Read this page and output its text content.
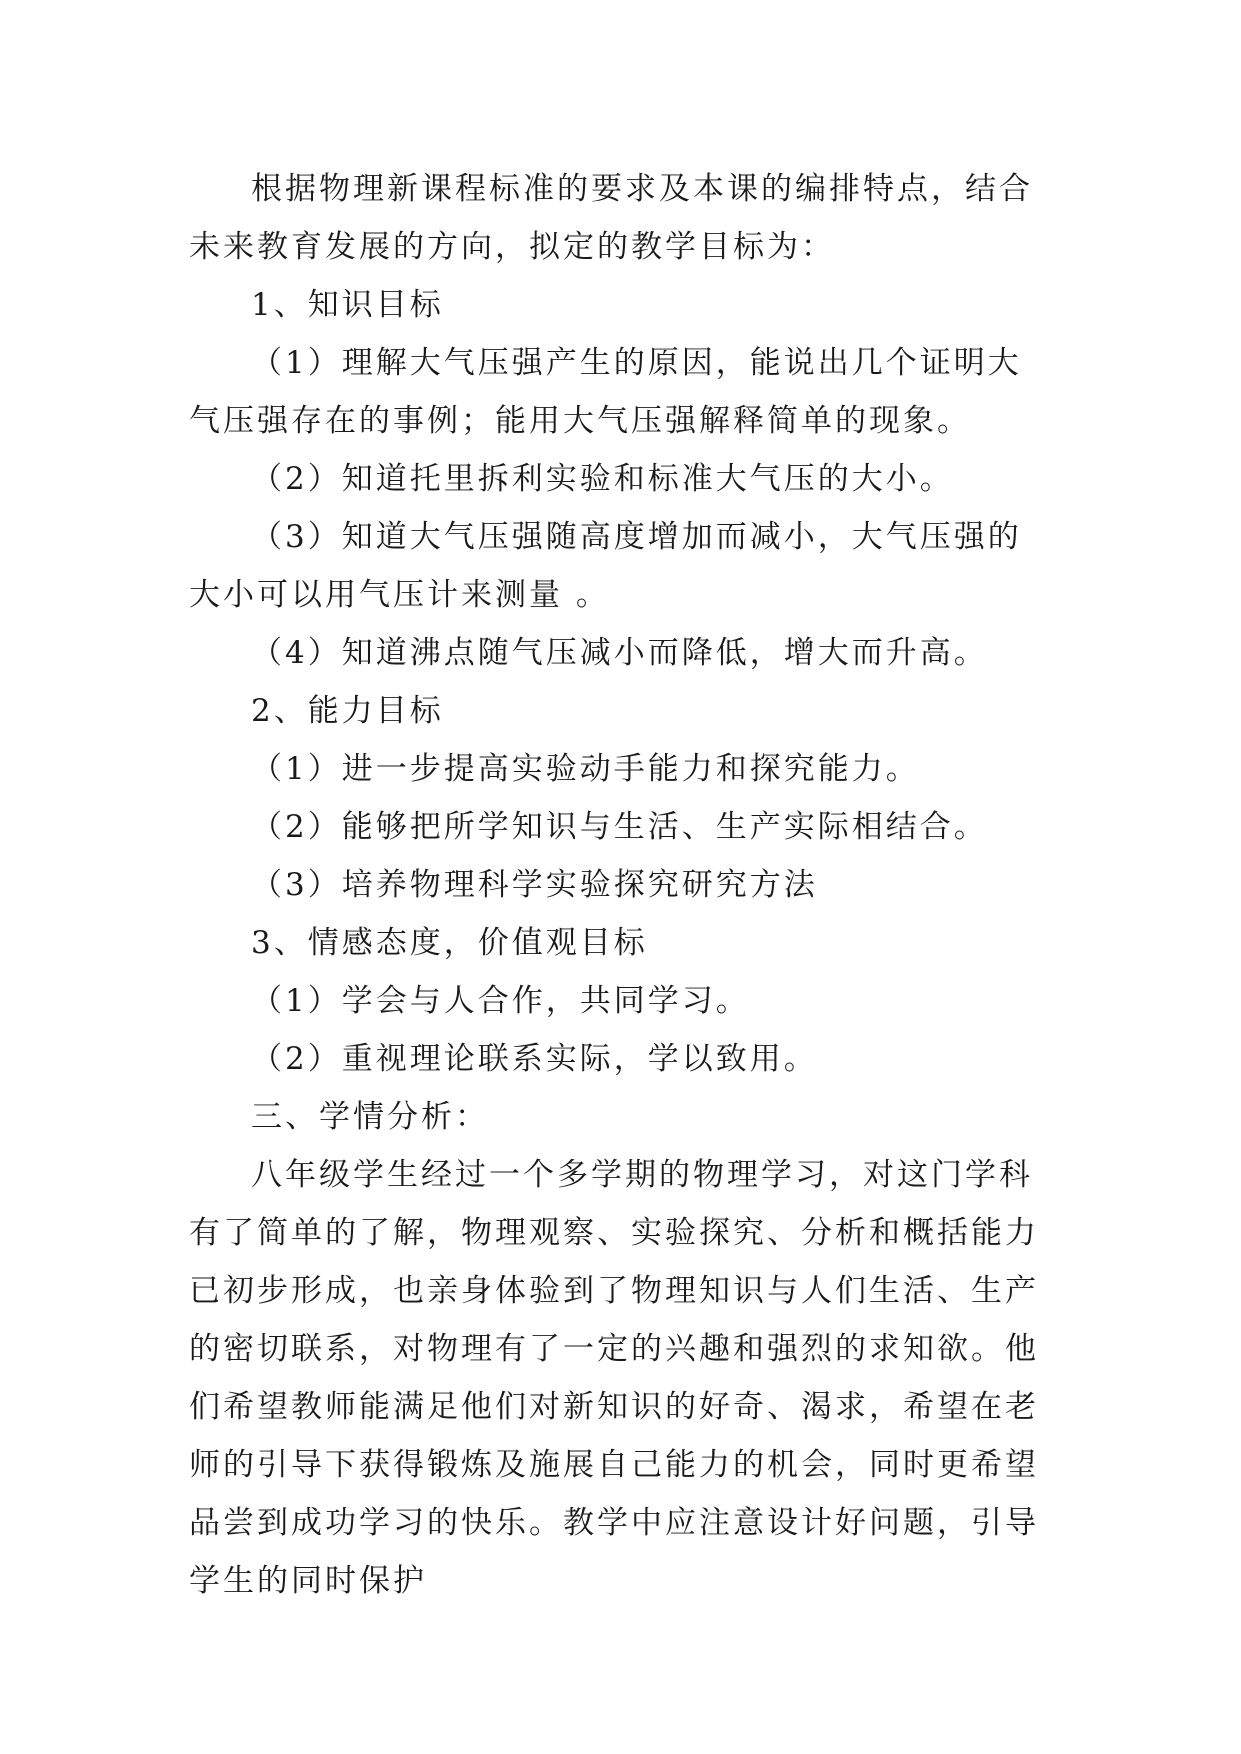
根据物理新课程标准的要求及本课的编排特点，结合未来教育发展的方向，拟定的教学目标为：

1、知识目标

（1）理解大气压强产生的原因，能说出几个证明大气压强存在的事例；能用大气压强解释简单的现象。

（2）知道托里拆利实验和标准大气压的大小。

（3）知道大气压强随高度增加而减小，大气压强的大小可以用气压计来测量 。

（4）知道沸点随气压减小而降低，增大而升高。

2、能力目标

（1）进一步提高实验动手能力和探究能力。

（2）能够把所学知识与生活、生产实际相结合。

（3）培养物理科学实验探究研究方法

3、情感态度，价值观目标

（1）学会与人合作，共同学习。

（2）重视理论联系实际，学以致用。

三、学情分析：

八年级学生经过一个多学期的物理学习，对这门学科有了简单的了解，物理观察、实验探究、分析和概括能力已初步形成，也亲身体验到了物理知识与人们生活、生产的密切联系，对物理有了一定的兴趣和强烈的求知欲。他们希望教师能满足他们对新知识的好奇、渴求，希望在老师的引导下获得锻炼及施展自己能力的机会，同时更希望品尝到成功学习的快乐。教学中应注意设计好问题，引导学生的同时保护
